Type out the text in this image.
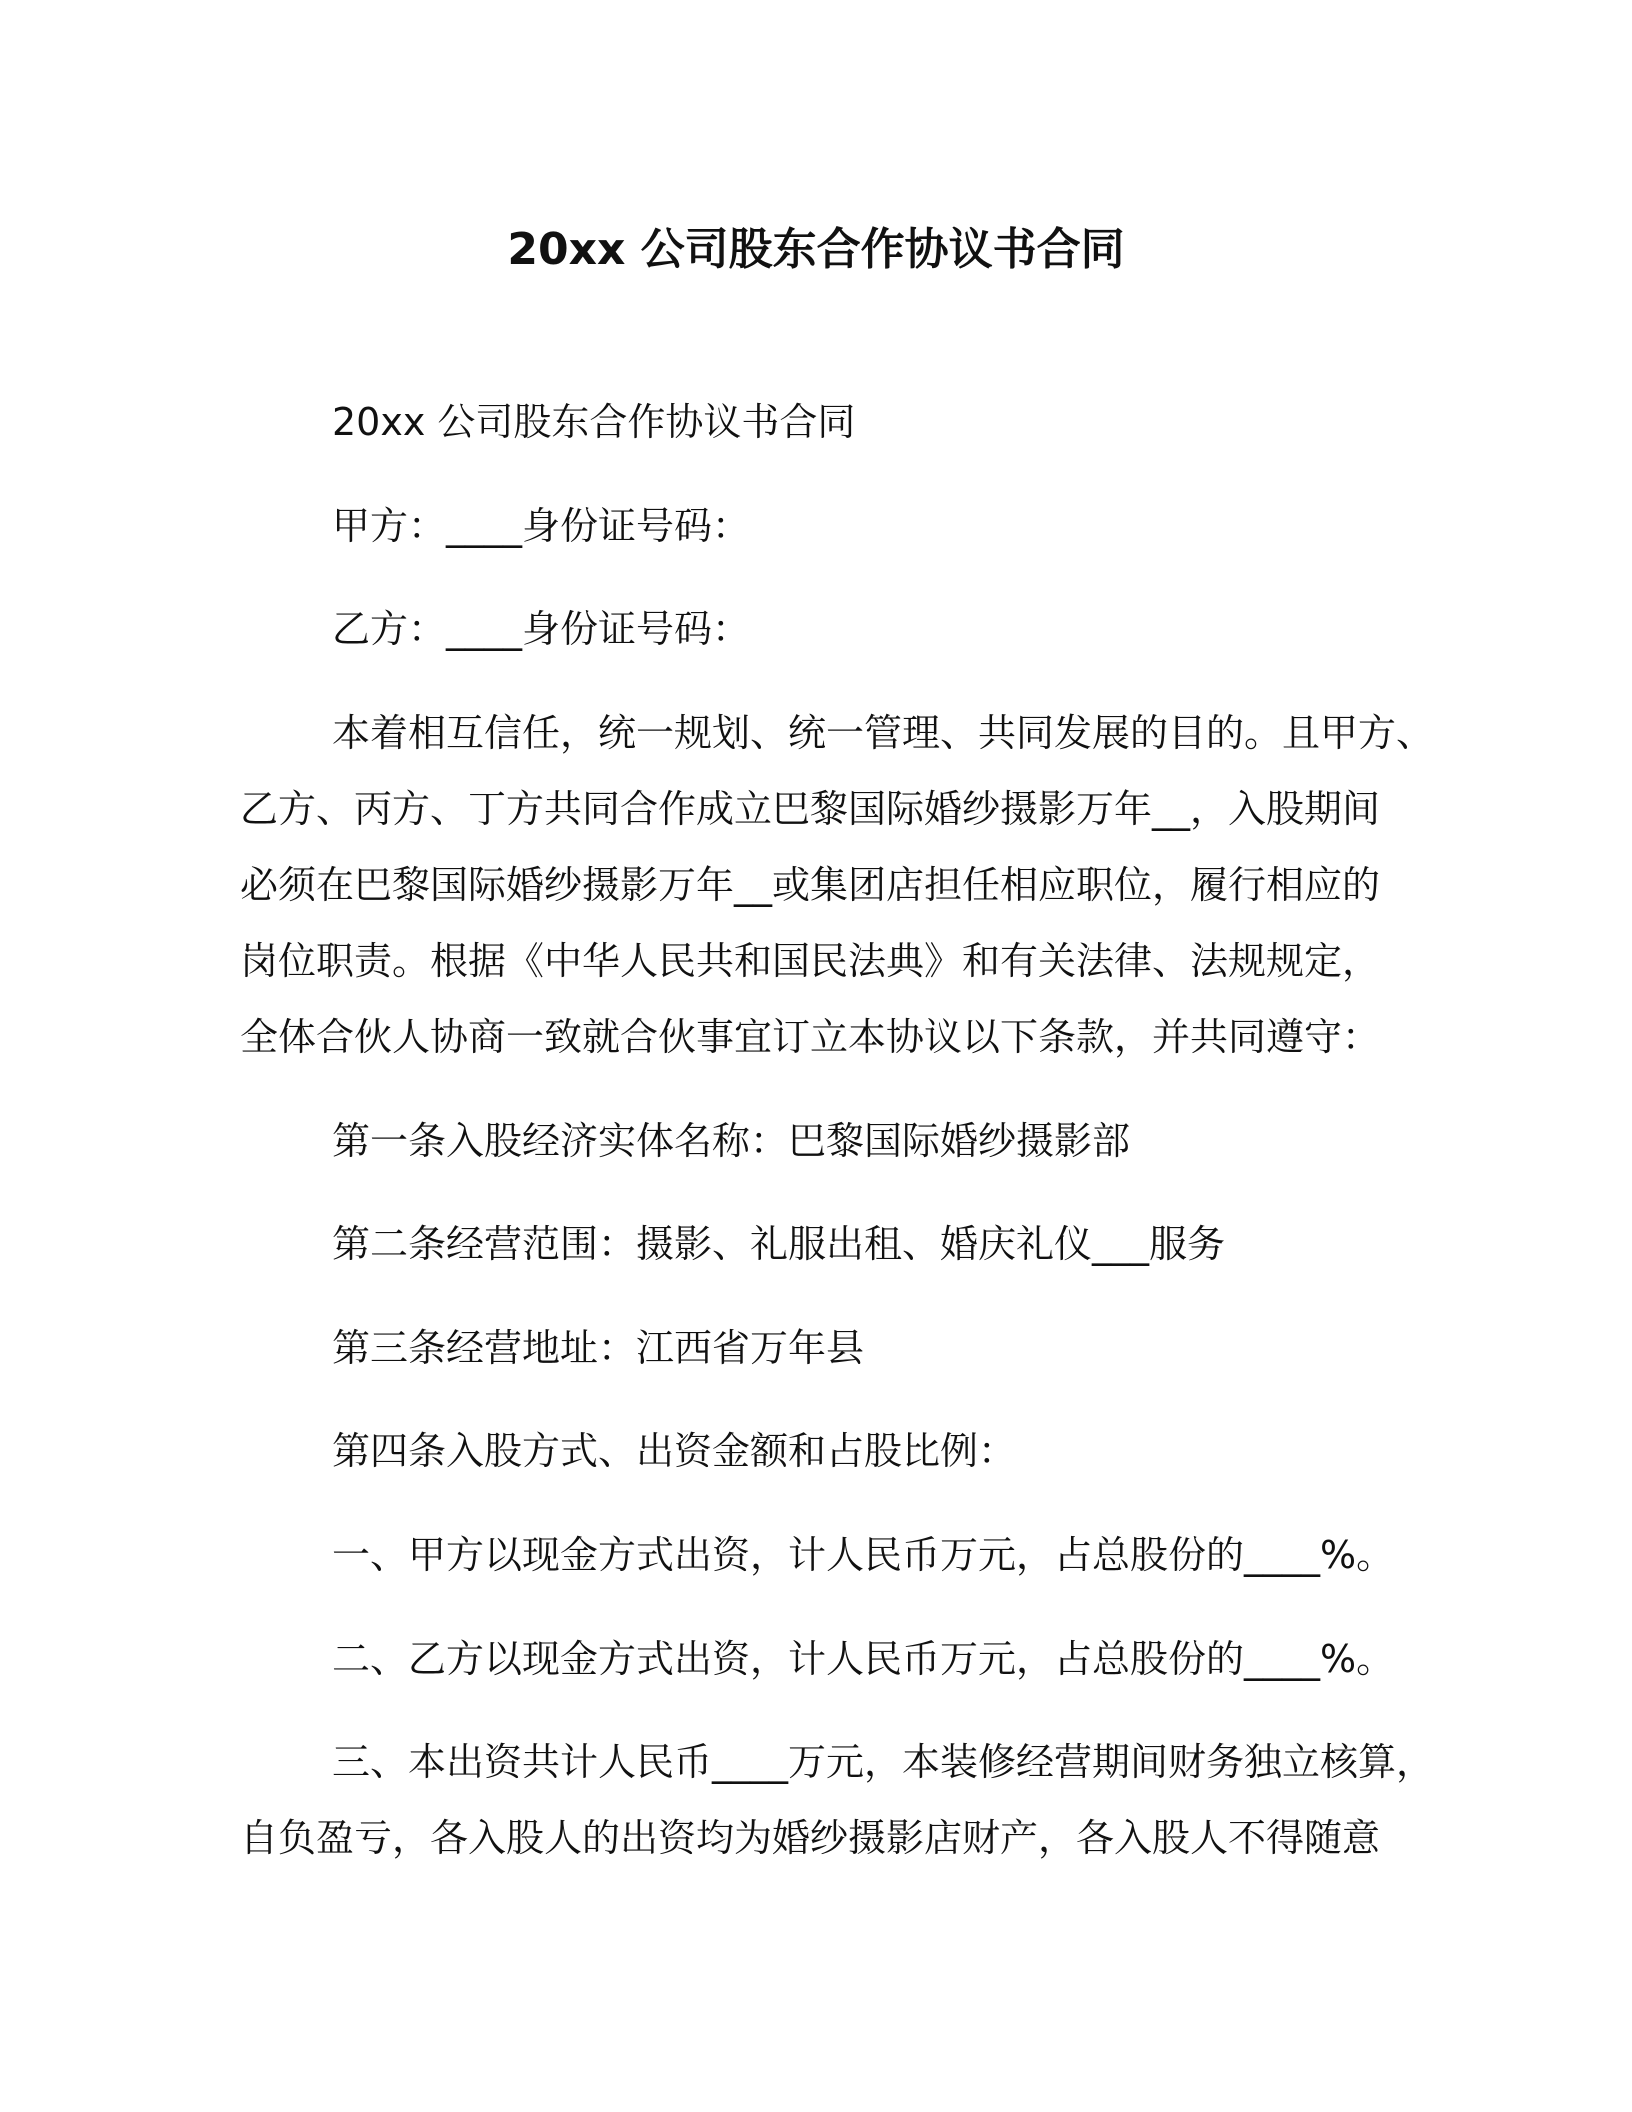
20xx 公司股东合作协议书合同
20xx 公司股东合作协议书合同
甲方：____身份证号码：
乙方：____身份证号码：
本着相互信任，统一规划、统一管理、共同发展的目的。且甲方、
乙方、丙方、丁方共同合作成立巴黎国际婚纱摄影万年__，入股期间
必须在巴黎国际婚纱摄影万年__或集团店担任相应职位，履行相应的
岗位职责。根据《中华人民共和国民法典》和有关法律、法规规定，
全体合伙人协商一致就合伙事宜订立本协议以下条款，并共同遵守：
第一条入股经济实体名称：巴黎国际婚纱摄影部
第二条经营范围：摄影、礼服出租、婚庆礼仪___服务
第三条经营地址：江西省万年县
第四条入股方式、出资金额和占股比例：
一、甲方以现金方式出资，计人民币万元，占总股份的____%。
二、乙方以现金方式出资，计人民币万元，占总股份的____%。
三、本出资共计人民币____万元，本装修经营期间财务独立核算，
自负盈亏，各入股人的出资均为婚纱摄影店财产，各入股人不得随意
